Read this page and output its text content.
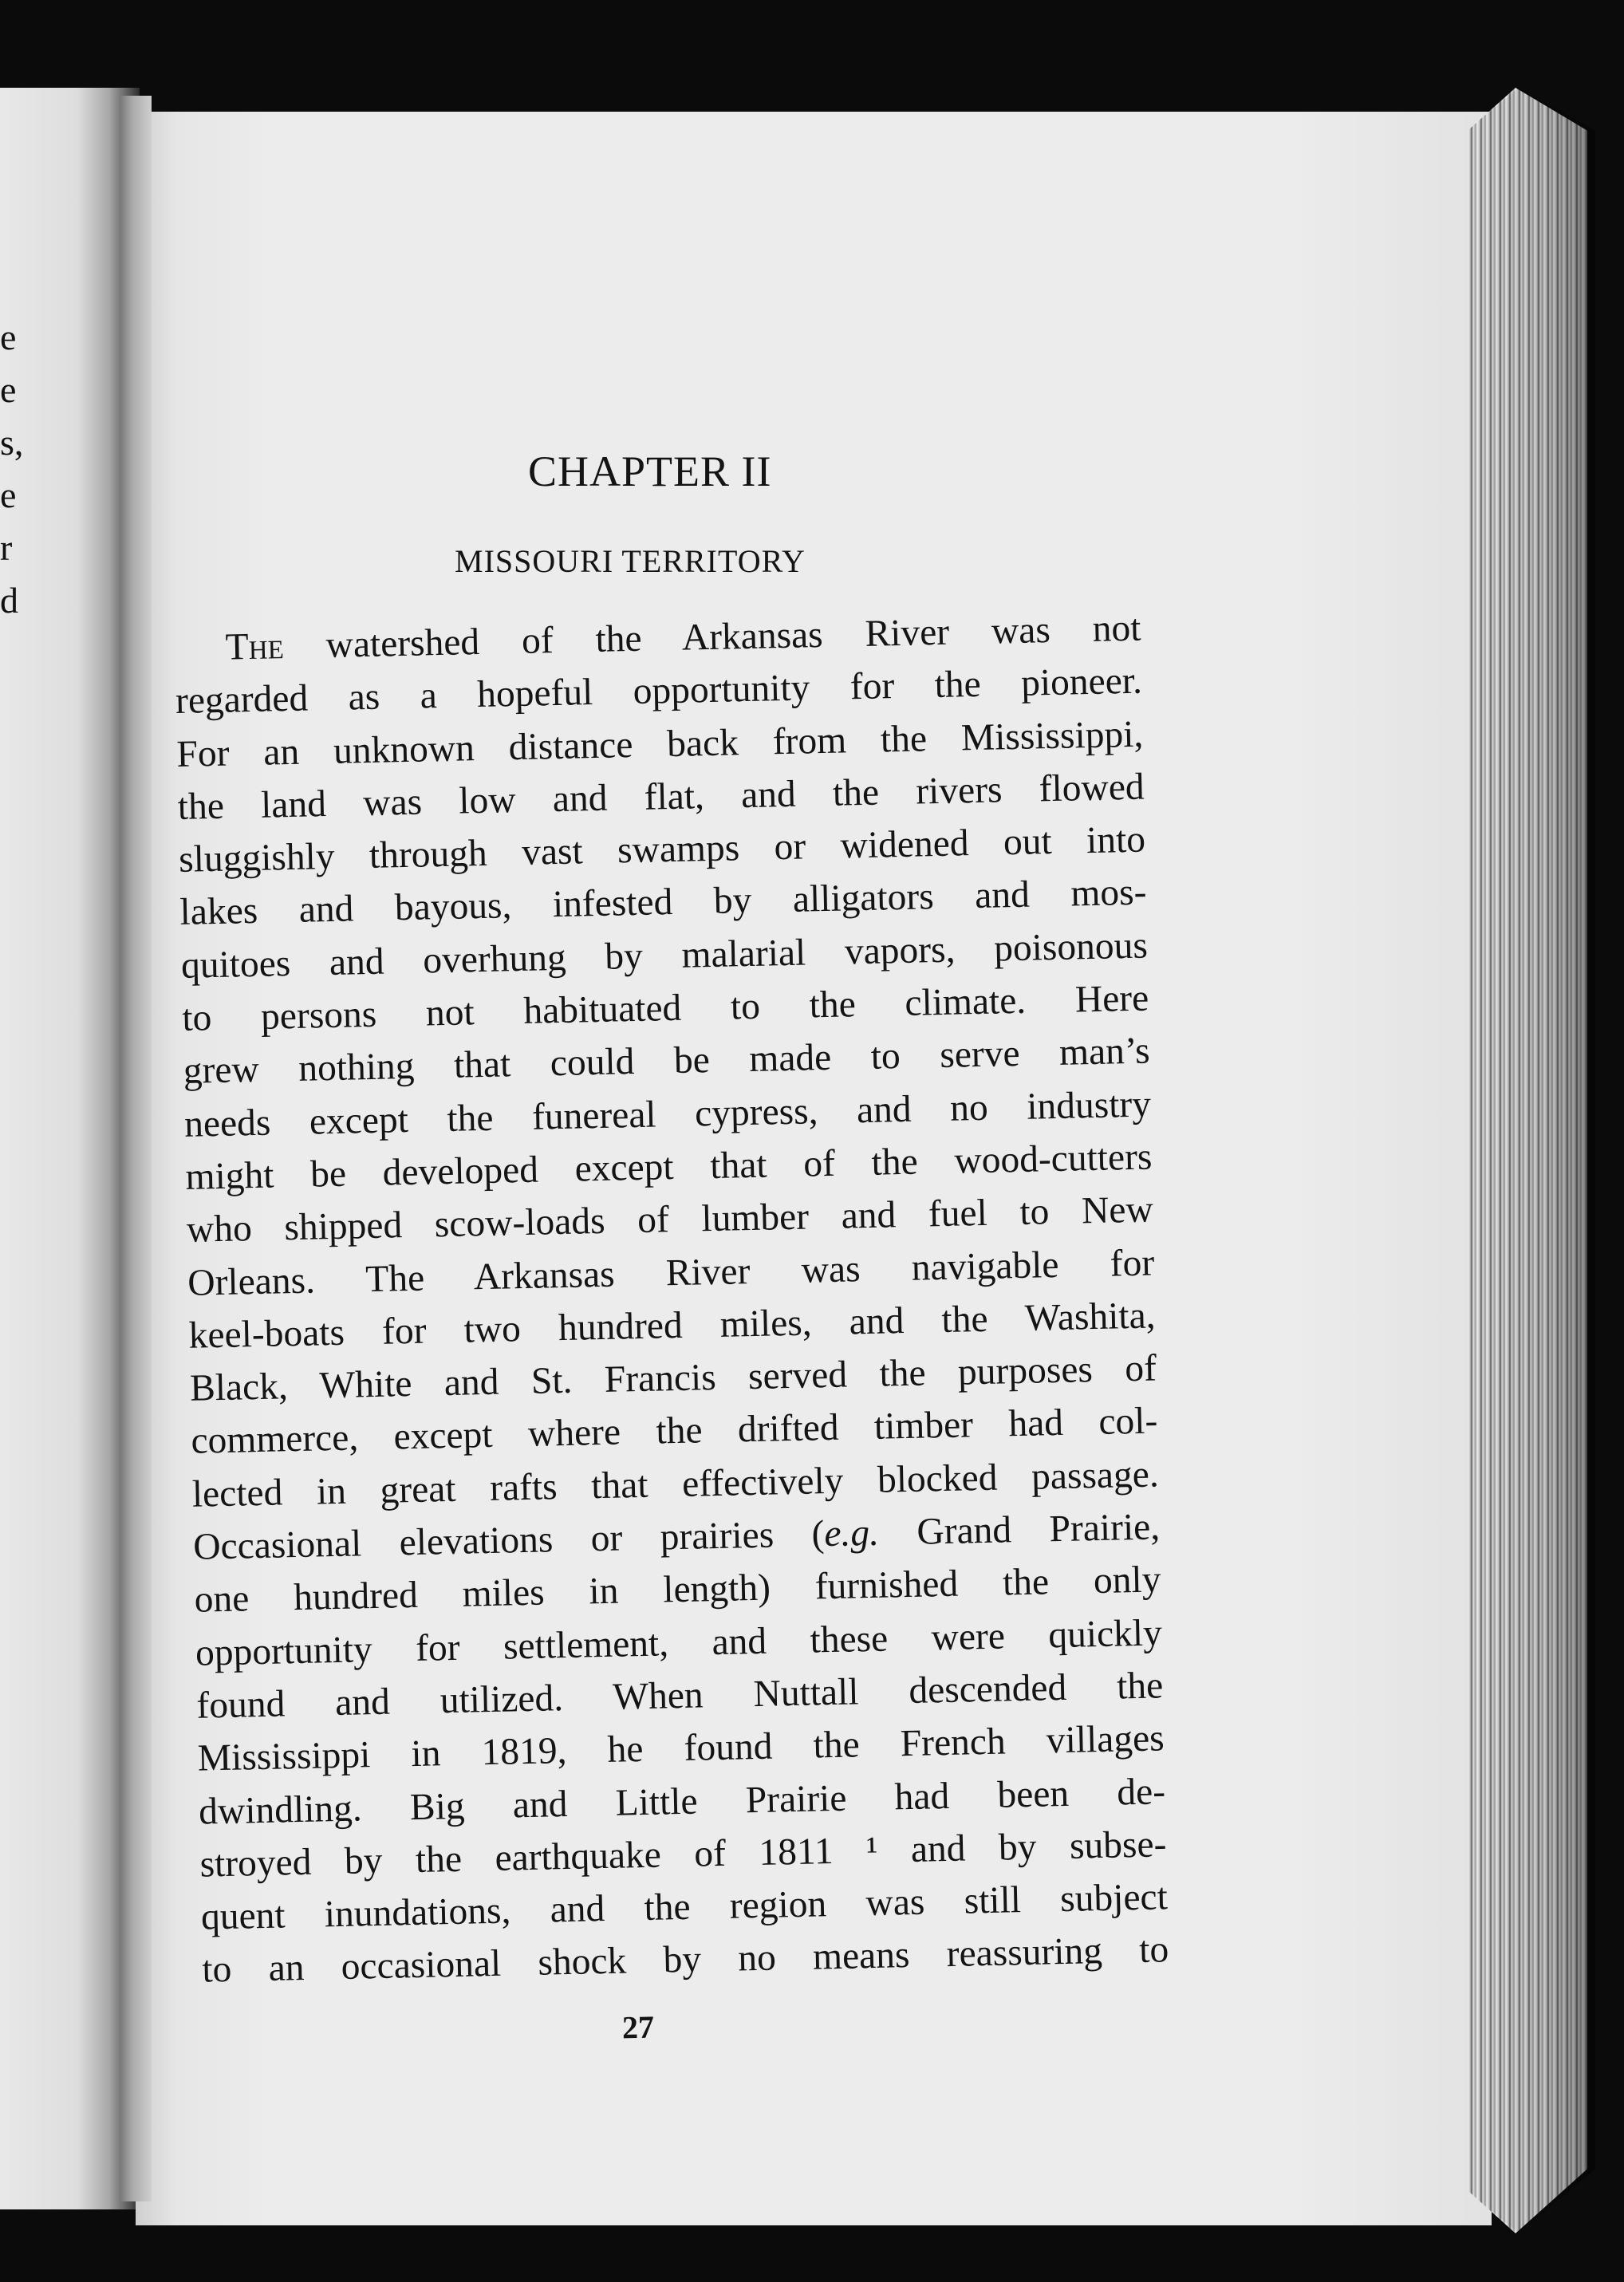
e
e
s,
e
r
d
CHAPTER II
MISSOURI TERRITORY
The watershed of the Arkansas River was not
regarded as a hopeful opportunity for the pioneer.
For an unknown distance back from the Mississippi,
the land was low and flat, and the rivers flowed
sluggishly through vast swamps or widened out into
lakes and bayous, infested by alligators and mos-
quitoes and overhung by malarial vapors, poisonous
to persons not habituated to the climate. Here
grew nothing that could be made to serve man’s
needs except the funereal cypress, and no industry
might be developed except that of the wood-cutters
who shipped scow-loads of lumber and fuel to New
Orleans. The Arkansas River was navigable for
keel-boats for two hundred miles, and the Washita,
Black, White and St. Francis served the purposes of
commerce, except where the drifted timber had col-
lected in great rafts that effectively blocked passage.
Occasional elevations or prairies (e.g. Grand Prairie,
one hundred miles in length) furnished the only
opportunity for settlement, and these were quickly
found and utilized. When Nuttall descended the
Mississippi in 1819, he found the French villages
dwindling. Big and Little Prairie had been de-
stroyed by the earthquake of 1811 ¹ and by subse-
quent inundations, and the region was still subject
to an occasional shock by no means reassuring to
27
